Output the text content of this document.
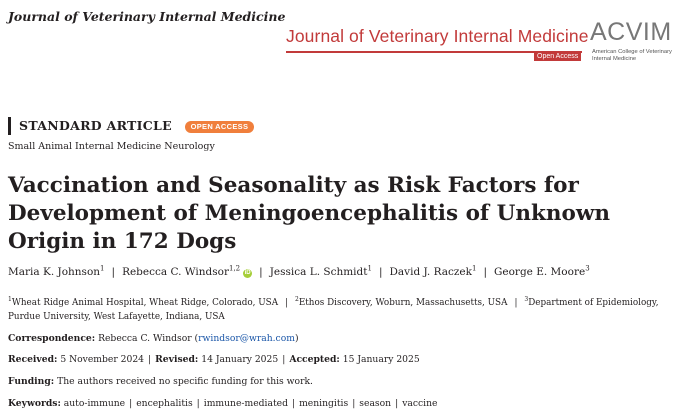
Journal of Veterinary Internal Medicine
Journal of Veterinary Internal Medicine
Open Access
ACVIM
American College of Veterinary Internal Medicine
STANDARD ARTICLE OPEN ACCESS
Small Animal Internal Medicine Neurology
Vaccination and Seasonality as Risk Factors for Development of Meningoencephalitis of Unknown Origin in 172 Dogs
Maria K. Johnson$^1$ | Rebecca C. Windsor$^{1,2}$iD | Jessica L. Schmidt$^1$ | David J. Raczek$^1$ | George E. Moore$^3$
$^1$Wheat Ridge Animal Hospital, Wheat Ridge, Colorado, USA | $^2$Ethos Discovery, Woburn, Massachusetts, USA | $^3$Department of Epidemiology, Purdue University, West Lafayette, Indiana, USA
Correspondence: Rebecca C. Windsor (rwindsor@wrah.com)
Received: 5 November 2024 | Revised: 14 January 2025 | Accepted: 15 January 2025
Funding: The authors received no specific funding for this work.
Keywords: auto-immune | encephalitis | immune-mediated | meningitis | season | vaccine
